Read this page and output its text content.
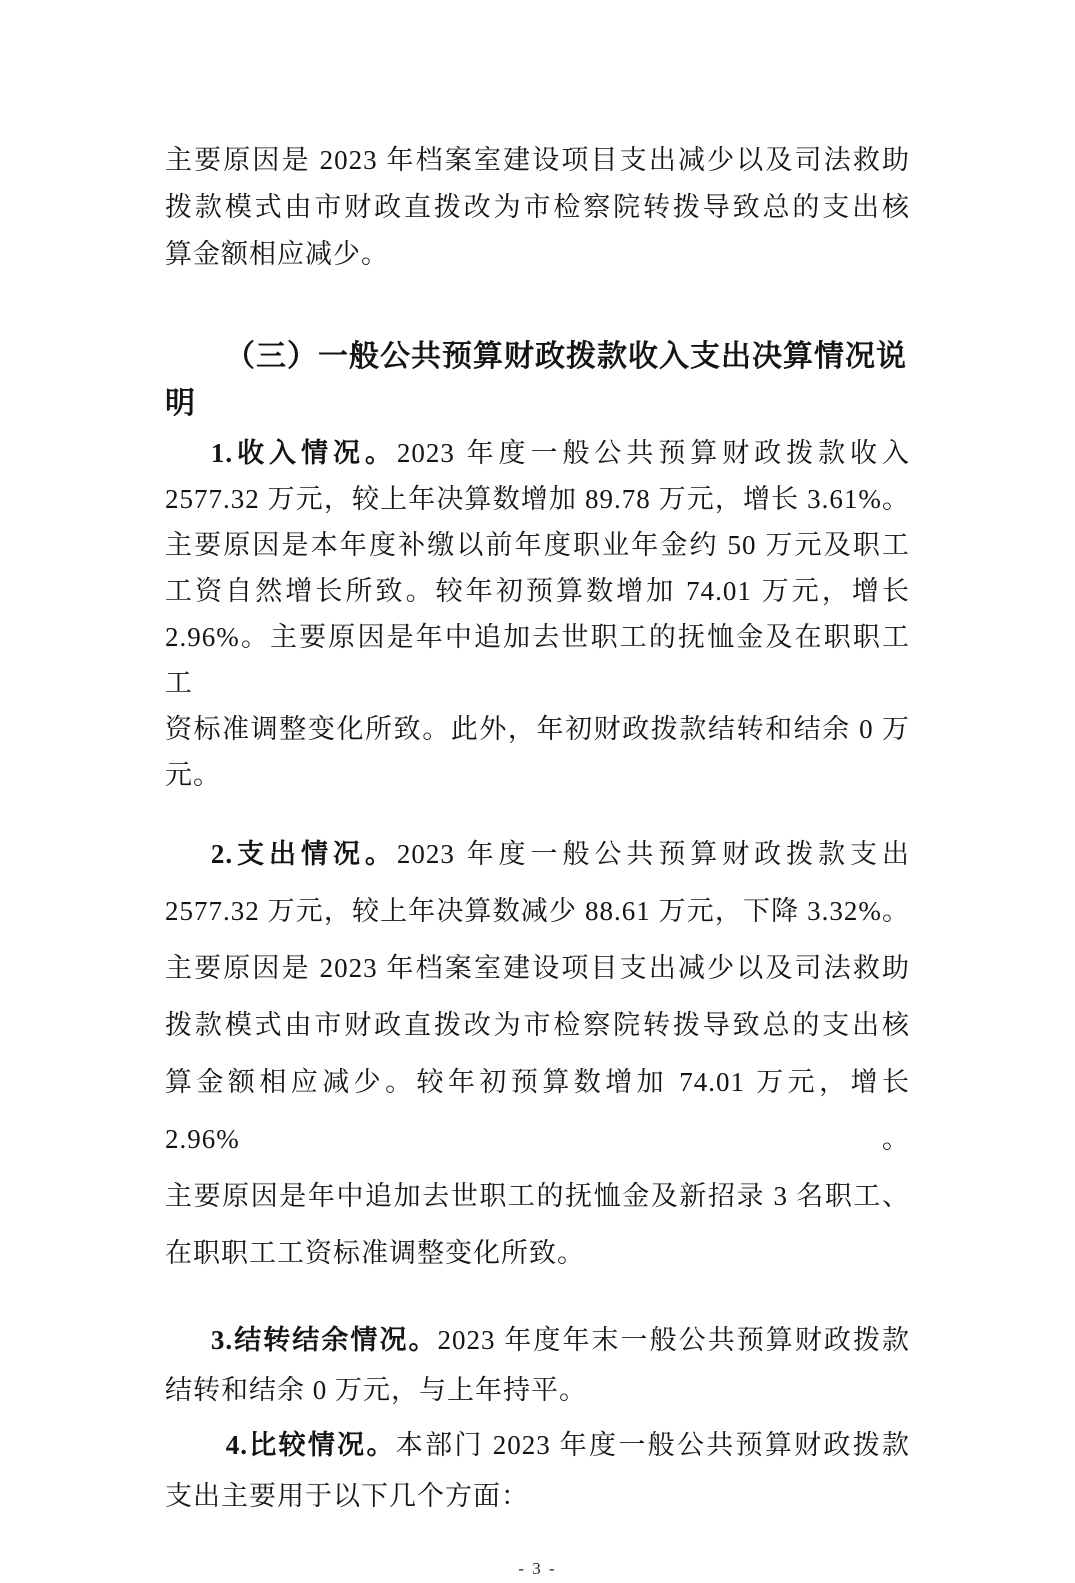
主要原因是 2023 年档案室建设项目支出减少以及司法救助
拨款模式由市财政直拨改为市检察院转拨导致总的支出核
算金额相应减少。
（三）一般公共预算财政拨款收入支出决算情况说明
1.收入情况。2023 年度一般公共预算财政拨款收入
2577.32 万元，较上年决算数增加 89.78 万元，增长 3.61%。
主要原因是本年度补缴以前年度职业年金约 50 万元及职工
工资自然增长所致。较年初预算数增加 74.01 万元，增长
2.96%。主要原因是年中追加去世职工的抚恤金及在职职工工
资标准调整变化所致。此外，年初财政拨款结转和结余 0 万
元。
2.支出情况。2023 年度一般公共预算财政拨款支出
2577.32 万元，较上年决算数减少 88.61 万元，下降 3.32%。
主要原因是 2023 年档案室建设项目支出减少以及司法救助
拨款模式由市财政直拨改为市检察院转拨导致总的支出核
算金额相应减少。较年初预算数增加 74.01 万元，增长 2.96%。
主要原因是年中追加去世职工的抚恤金及新招录 3 名职工、
在职职工工资标准调整变化所致。
3.结转结余情况。2023 年度年末一般公共预算财政拨款
结转和结余 0 万元，与上年持平。
4.比较情况。本部门 2023 年度一般公共预算财政拨款
支出主要用于以下几个方面：
- 3 -
